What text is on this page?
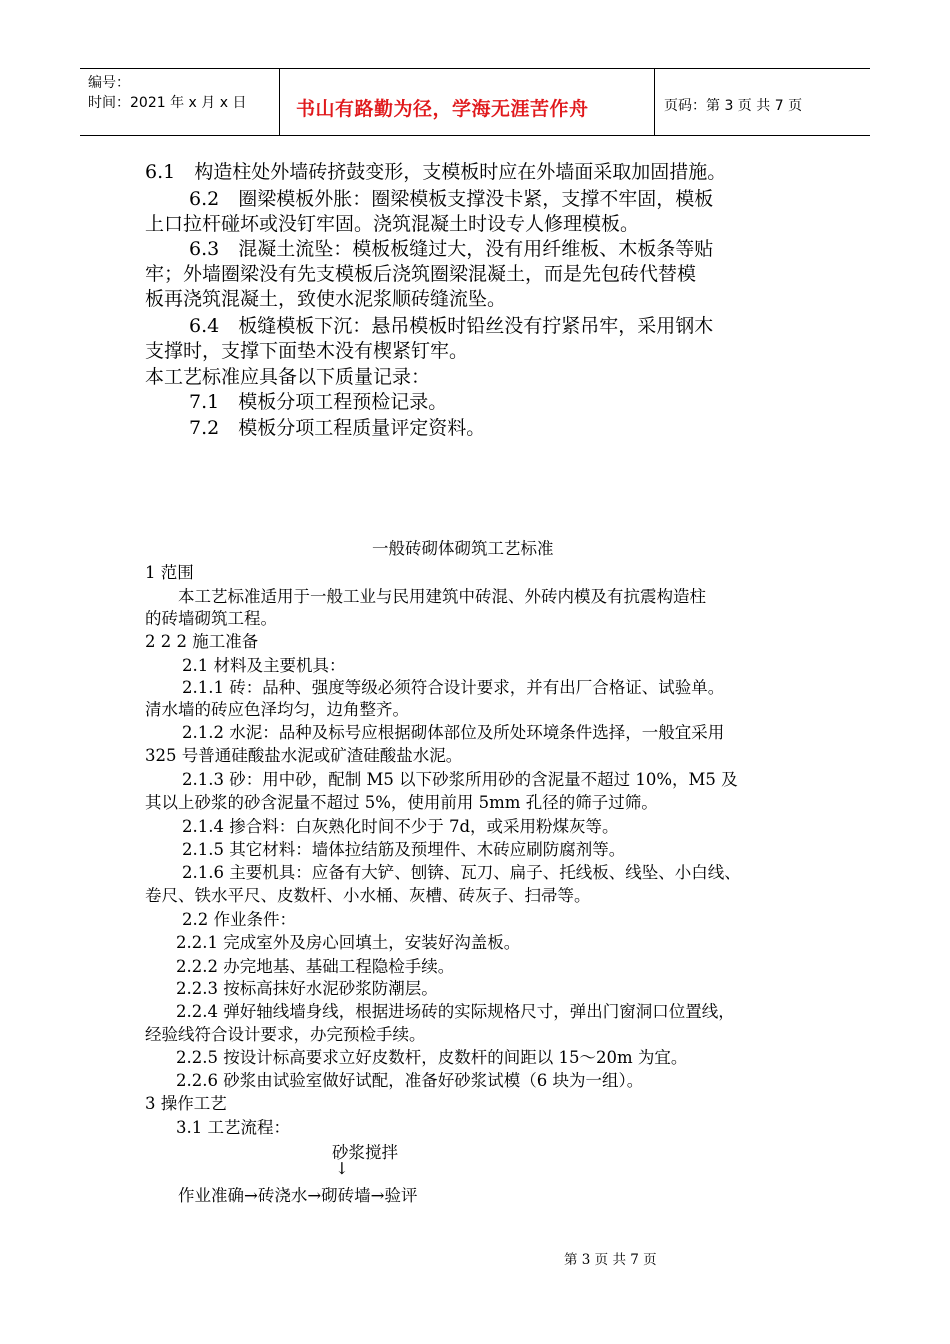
编号：
时间：2021 年 x 月 x 日	书山有路勤为径，学海无涯苦作舟	页码：第 3 页 共 7 页
6.1　构造柱处外墙砖挤鼓变形，支模板时应在外墙面采取加固措施。
6.2　圈梁模板外胀：圈梁模板支撑没卡紧，支撑不牢固，模板
上口拉杆碰坏或没钉牢固。浇筑混凝土时设专人修理模板。
6.3　混凝土流坠：模板板缝过大，没有用纤维板、木板条等贴
牢；外墙圈梁没有先支模板后浇筑圈梁混凝土，而是先包砖代替模
板再浇筑混凝土，致使水泥浆顺砖缝流坠。
6.4　板缝模板下沉：悬吊模板时铅丝没有拧紧吊牢，采用钢木
支撑时，支撑下面垫木没有楔紧钉牢。
本工艺标准应具备以下质量记录：
7.1　模板分项工程预检记录。
7.2　模板分项工程质量评定资料。
一般砖砌体砌筑工艺标准
1 范围
本工艺标准适用于一般工业与民用建筑中砖混、外砖内模及有抗震构造柱
的砖墙砌筑工程。
2 2 2 施工准备
2.1 材料及主要机具：
2.1.1 砖：品种、强度等级必须符合设计要求，并有出厂合格证、试验单。
清水墙的砖应色泽均匀，边角整齐。
2.1.2 水泥：品种及标号应根据砌体部位及所处环境条件选择，一般宜采用
325 号普通硅酸盐水泥或矿渣硅酸盐水泥。
2.1.3 砂：用中砂，配制 M5 以下砂浆所用砂的含泥量不超过 10%，M5 及
其以上砂浆的砂含泥量不超过 5%，使用前用 5mm 孔径的筛子过筛。
2.1.4 掺合料：白灰熟化时间不少于 7d，或采用粉煤灰等。
2.1.5 其它材料：墙体拉结筋及预埋件、木砖应刷防腐剂等。
2.1.6 主要机具：应备有大铲、刨锛、瓦刀、扁子、托线板、线坠、小白线、
卷尺、铁水平尺、皮数杆、小水桶、灰槽、砖灰子、扫帚等。
2.2 作业条件：
2.2.1 完成室外及房心回填土，安装好沟盖板。
2.2.2 办完地基、基础工程隐检手续。
2.2.3 按标高抹好水泥砂浆防潮层。
2.2.4 弹好轴线墙身线，根据进场砖的实际规格尺寸，弹出门窗洞口位置线，
经验线符合设计要求，办完预检手续。
2.2.5 按设计标高要求立好皮数杆，皮数杆的间距以 15～20m 为宜。
2.2.6 砂浆由试验室做好试配，准备好砂浆试模（6 块为一组）。
3 操作工艺
3.1 工艺流程：
砂浆搅拌
↓
作业准确→砖浇水→砌砖墙→验评
第 3 页 共 7 页
